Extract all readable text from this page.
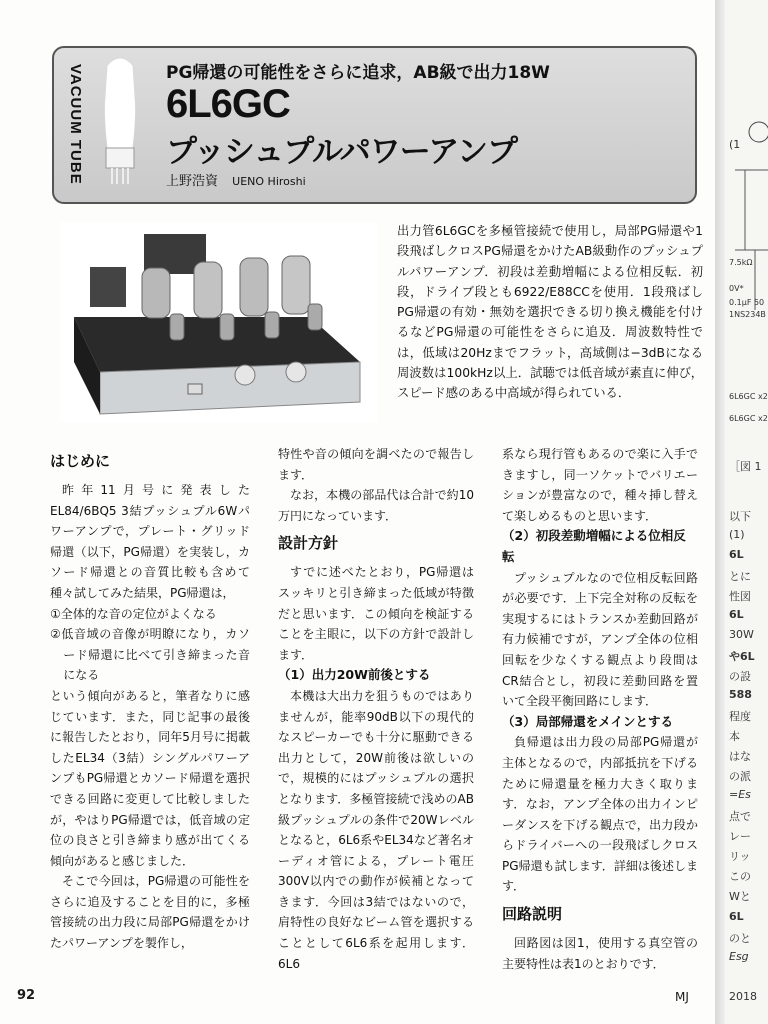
VACUUM TUBE	PG帰還の可能性をさらに追求，AB級で出力18W
6L6GC
プッシュプルパワーアンプ
上野浩資 UENO Hiroshi

出力管6L6GCを多極管接続で使用し，局部PG帰還や1段飛ばしクロスPG帰還をかけたAB級動作のプッシュプルパワーアンプ．初段は差動増幅による位相反転．初段，ドライブ段とも6922/E88CCを使用．1段飛ばしPG帰還の有効・無効を選択できる切り換え機能を付けるなどPG帰還の可能性をさらに追及．周波数特性では，低域は20Hzまでフラット，高域側は−3dBになる周波数は100kHz以上．試聴では低音域が素直に伸び，スピード感のある中高域が得られている．

はじめに

昨年11月号に発表したEL84/6BQ5 3結プッシュプル6Wパワーアンプで，プレート・グリッド帰還（以下，PG帰還）を実装し，カソード帰還との音質比較も含めて種々試してみた結果，PG帰還は，

①全体的な音の定位がよくなる

②低音域の音像が明瞭になり，カソード帰還に比べて引き締まった音になる

という傾向があると，筆者なりに感じています．また，同じ記事の最後に報告したとおり，同年5月号に掲載したEL34（3結）シングルパワーアンプもPG帰還とカソード帰還を選択できる回路に変更して比較しましたが，やはりPG帰還では，低音域の定位の良さと引き締まり感が出てくる傾向があると感じました．

そこで今回は，PG帰還の可能性をさらに追及することを目的に，多極管接続の出力段に局部PG帰還をかけたパワーアンプを製作し，

特性や音の傾向を調べたので報告します．

なお，本機の部品代は合計で約10万円になっています．

設計方針

すでに述べたとおり，PG帰還はスッキリと引き締まった低域が特徴だと思います．この傾向を検証することを主眼に，以下の方針で設計します．

（1）出力20W前後とする

本機は大出力を狙うものではありませんが，能率90dB以下の現代的なスピーカーでも十分に駆動できる出力として，20W前後は欲しいので，規模的にはプッシュプルの選択となります．多極管接続で浅めのAB級プッシュプルの条件で20Wレベルとなると，6L6系やEL34など著名オーディオ管による，プレート電圧300V以内での動作が候補となってきます．今回は3結ではないので，肩特性の良好なビーム管を選択することとして6L6系を起用します．6L6

系なら現行管もあるので楽に入手できますし，同一ソケットでバリエーションが豊富なので，種々挿し替えて楽しめるものと思います．

（2）初段差動増幅による位相反転

プッシュプルなので位相反転回路が必要です．上下完全対称の反転を実現するにはトランスか差動回路が有力候補ですが，アンプ全体の位相回転を少なくする観点より段間はCR結合とし，初段に差動回路を置いて全段平衡回路にします．

（3）局部帰還をメインとする

負帰還は出力段の局部PG帰還が主体となるので，内部抵抗を下げるために帰還量を極力大きく取ります．なお，アンプ全体の出力インピーダンスを下げる観点で，出力段からドライバーへの一段飛ばしクロスPG帰還も試します．詳細は後述します．

回路説明

回路図は図1，使用する真空管の主要特性は表1のとおりです．

92	MJ
(1
7.5kΩ
0V*
0.1μF 50
1NS234B
6L6GC x2
6L6GC x2
［図 1
以下
(1)
6L
とに
性図
6L
30W
や6L
の設
588
程度
本
はな
の派
=Es
点で
レー
リッ
この
Wと
6L
のと
Esg
2018
